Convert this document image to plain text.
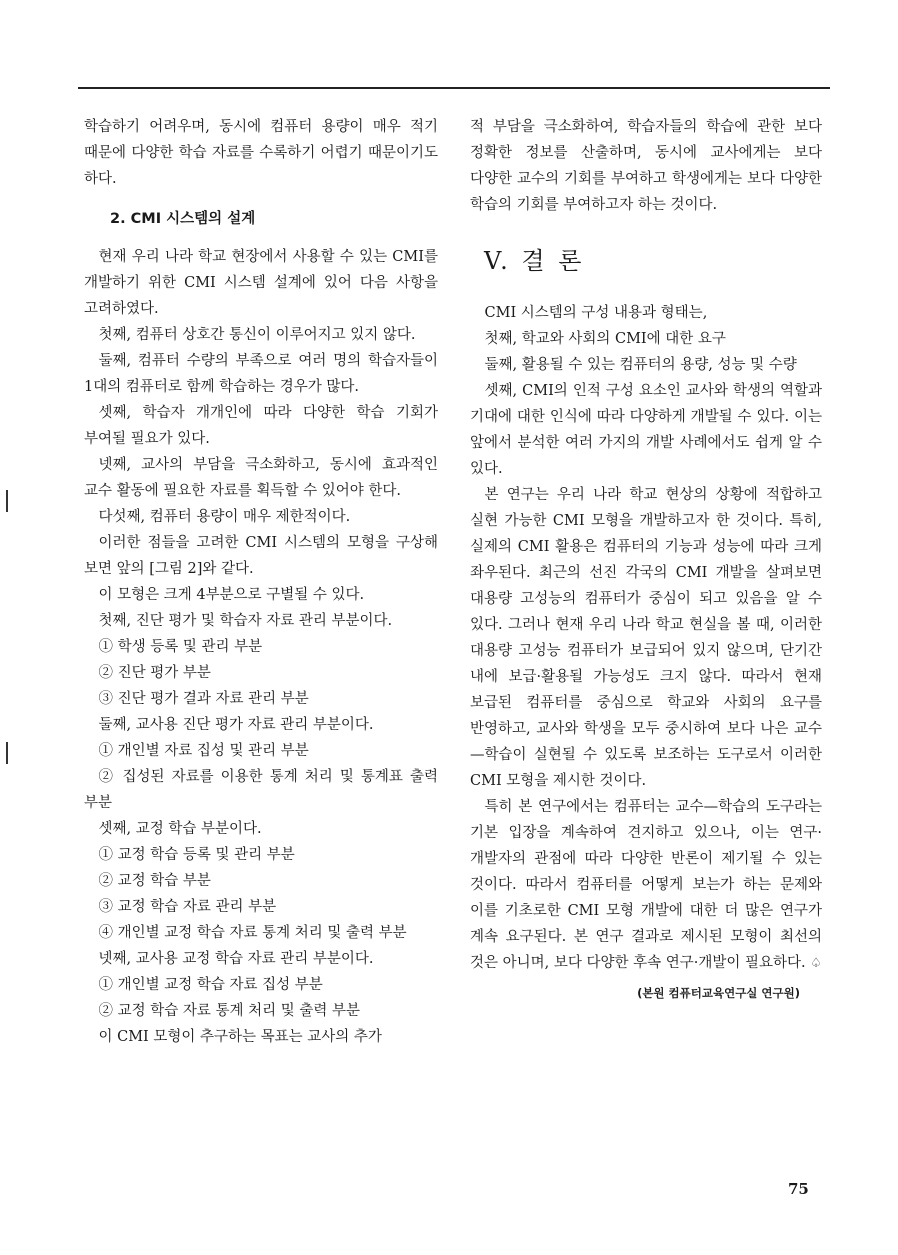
학습하기 어려우며, 동시에 컴퓨터 용량이 매우 적기 때문에 다양한 학습 자료를 수록하기 어렵기 때문이기도 하다.

2. CMI 시스템의 설계

현재 우리 나라 학교 현장에서 사용할 수 있는 CMI를 개발하기 위한 CMI 시스템 설계에 있어 다음 사항을 고려하였다.

첫째, 컴퓨터 상호간 통신이 이루어지고 있지 않다.
둘째, 컴퓨터 수량의 부족으로 여러 명의 학습자들이 1대의 컴퓨터로 함께 학습하는 경우가 많다.
셋째, 학습자 개개인에 따라 다양한 학습 기회가 부여될 필요가 있다.
넷째, 교사의 부담을 극소화하고, 동시에 효과적인 교수 활동에 필요한 자료를 획득할 수 있어야 한다.
다섯째, 컴퓨터 용량이 매우 제한적이다.

이러한 점들을 고려한 CMI 시스템의 모형을 구상해 보면 앞의 [그림 2]와 같다.

이 모형은 크게 4부분으로 구별될 수 있다.

첫째, 진단 평가 및 학습자 자료 관리 부분이다.
① 학생 등록 및 관리 부분
② 진단 평가 부분
③ 진단 평가 결과 자료 관리 부분
둘째, 교사용 진단 평가 자료 관리 부분이다.
① 개인별 자료 집성 및 관리 부분
② 집성된 자료를 이용한 통계 처리 및 통계표 출력 부분
셋째, 교정 학습 부분이다.
① 교정 학습 등록 및 관리 부분
② 교정 학습 부분
③ 교정 학습 자료 관리 부분
④ 개인별 교정 학습 자료 통계 처리 및 출력 부분
넷째, 교사용 교정 학습 자료 관리 부분이다.
① 개인별 교정 학습 자료 집성 부분
② 교정 학습 자료 통계 처리 및 출력 부분

이 CMI 모형이 추구하는 목표는 교사의 추가

적 부담을 극소화하여, 학습자들의 학습에 관한 보다 정확한 정보를 산출하며, 동시에 교사에게는 보다 다양한 교수의 기회를 부여하고 학생에게는 보다 다양한 학습의 기회를 부여하고자 하는 것이다.

V. 결 론
CMI 시스템의 구성 내용과 형태는,
첫째, 학교와 사회의 CMI에 대한 요구
둘째, 활용될 수 있는 컴퓨터의 용량, 성능 및 수량
셋째, CMI의 인적 구성 요소인 교사와 학생의 역할과 기대에 대한 인식에 따라 다양하게 개발될 수 있다. 이는 앞에서 분석한 여러 가지의 개발 사례에서도 쉽게 알 수 있다.

본 연구는 우리 나라 학교 현상의 상황에 적합하고 실현 가능한 CMI 모형을 개발하고자 한 것이다. 특히, 실제의 CMI 활용은 컴퓨터의 기능과 성능에 따라 크게 좌우된다. 최근의 선진 각국의 CMI 개발을 살펴보면 대용량 고성능의 컴퓨터가 중심이 되고 있음을 알 수 있다. 그러나 현재 우리 나라 학교 현실을 볼 때, 이러한 대용량 고성능 컴퓨터가 보급되어 있지 않으며, 단기간 내에 보급·활용될 가능성도 크지 않다. 따라서 현재 보급된 컴퓨터를 중심으로 학교와 사회의 요구를 반영하고, 교사와 학생을 모두 중시하여 보다 나은 교수—학습이 실현될 수 있도록 보조하는 도구로서 이러한 CMI 모형을 제시한 것이다.

특히 본 연구에서는 컴퓨터는 교수—학습의 도구라는 기본 입장을 계속하여 견지하고 있으나, 이는 연구·개발자의 관점에 따라 다양한 반론이 제기될 수 있는 것이다. 따라서 컴퓨터를 어떻게 보는가 하는 문제와 이를 기초로한 CMI 모형 개발에 대한 더 많은 연구가 계속 요구된다. 본 연구 결과로 제시된 모형이 최선의 것은 아니며, 보다 다양한 후속 연구·개발이 필요하다. ♤

(본원 컴퓨터교육연구실 연구원)
75
